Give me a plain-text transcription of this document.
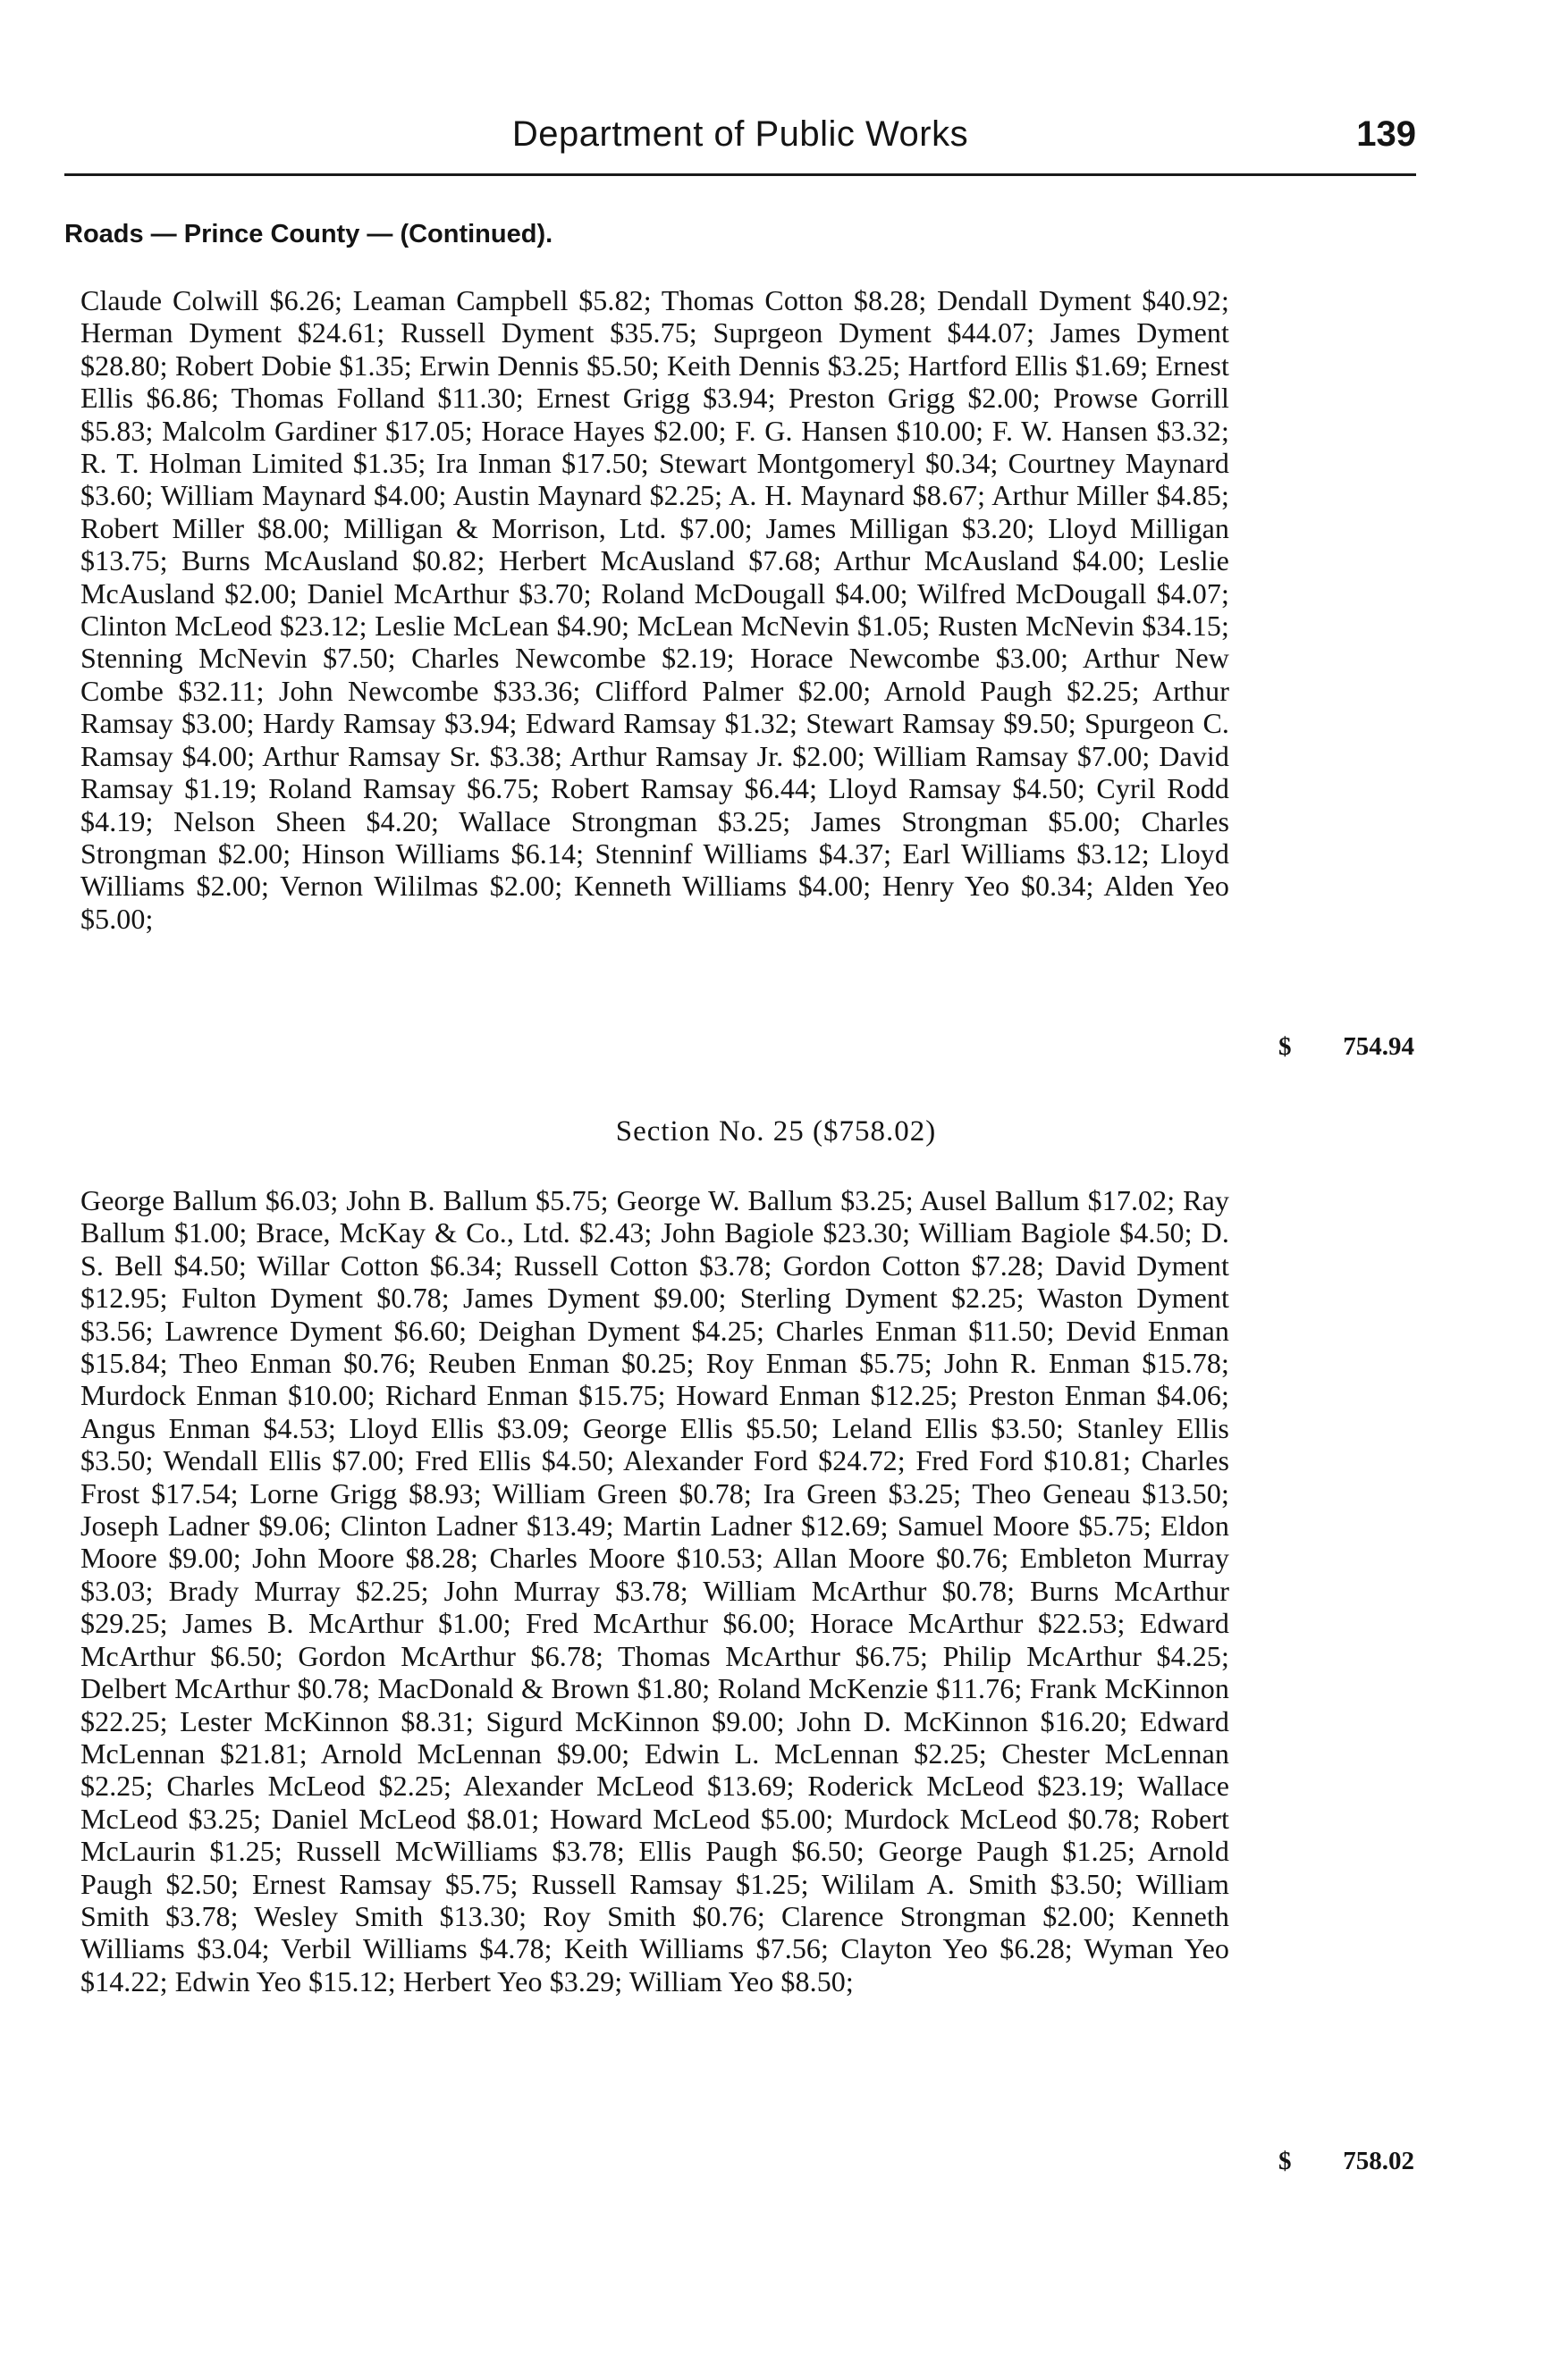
Department of Public Works	139
Roads — Prince County — (Continued).

Claude Colwill $6.26; Leaman Campbell $5.82; Thomas Cotton $8.28; Dendall Dyment $40.92; Herman Dyment $24.61; Russell Dyment $35.75; Suprgeon Dyment $44.07; James Dyment $28.80; Robert Dobie $1.35; Erwin Dennis $5.50; Keith Dennis $3.25; Hartford Ellis $1.69; Ernest Ellis $6.86; Thomas Folland $11.30; Ernest Grigg $3.94; Preston Grigg $2.00; Prowse Gorrill $5.83; Malcolm Gardiner $17.05; Horace Hayes $2.00; F. G. Hansen $10.00; F. W. Hansen $3.32; R. T. Holman Limited $1.35; Ira Inman $17.50; Stewart Montgomeryl $0.34; Courtney Maynard $3.60; William Maynard $4.00; Austin Maynard $2.25; A. H. Maynard $8.67; Arthur Miller $4.85; Robert Miller $8.00; Milligan & Morrison, Ltd. $7.00; James Milligan $3.20; Lloyd Milligan $13.75; Burns McAusland $0.82; Herbert McAusland $7.68; Arthur McAusland $4.00; Leslie McAusland $2.00; Daniel McArthur $3.70; Roland McDougall $4.00; Wilfred McDougall $4.07; Clinton McLeod $23.12; Leslie McLean $4.90; McLean McNevin $1.05; Rusten McNevin $34.15; Stenning McNevin $7.50; Charles Newcombe $2.19; Horace Newcombe $3.00; Arthur New Combe $32.11; John Newcombe $33.36; Clifford Palmer $2.00; Arnold Paugh $2.25; Arthur Ramsay $3.00; Hardy Ramsay $3.94; Edward Ramsay $1.32; Stewart Ramsay $9.50; Spurgeon C. Ramsay $4.00; Arthur Ramsay Sr. $3.38; Arthur Ramsay Jr. $2.00; William Ramsay $7.00; David Ramsay $1.19; Roland Ramsay $6.75; Robert Ramsay $6.44; Lloyd Ramsay $4.50; Cyril Rodd $4.19; Nelson Sheen $4.20; Wallace Strongman $3.25; James Strongman $5.00; Charles Strongman $2.00; Hinson Williams $6.14; Stenninf Williams $4.37; Earl Williams $3.12; Lloyd Williams $2.00; Vernon Wililmas $2.00; Kenneth Williams $4.00; Henry Yeo $0.34; Alden Yeo $5.00;

$ 754.94
Section No. 25 ($758.02)

George Ballum $6.03; John B. Ballum $5.75; George W. Ballum $3.25; Ausel Ballum $17.02; Ray Ballum $1.00; Brace, McKay & Co., Ltd. $2.43; John Bagiole $23.30; William Bagiole $4.50; D. S. Bell $4.50; Willar Cotton $6.34; Russell Cotton $3.78; Gordon Cotton $7.28; David Dyment $12.95; Fulton Dyment $0.78; James Dyment $9.00; Sterling Dyment $2.25; Waston Dyment $3.56; Lawrence Dyment $6.60; Deighan Dyment $4.25; Charles Enman $11.50; Devid Enman $15.84; Theo Enman $0.76; Reuben Enman $0.25; Roy Enman $5.75; John R. Enman $15.78; Murdock Enman $10.00; Richard Enman $15.75; Howard Enman $12.25; Preston Enman $4.06; Angus Enman $4.53; Lloyd Ellis $3.09; George Ellis $5.50; Leland Ellis $3.50; Stanley Ellis $3.50; Wendall Ellis $7.00; Fred Ellis $4.50; Alexander Ford $24.72; Fred Ford $10.81; Charles Frost $17.54; Lorne Grigg $8.93; William Green $0.78; Ira Green $3.25; Theo Geneau $13.50; Joseph Ladner $9.06; Clinton Ladner $13.49; Martin Ladner $12.69; Samuel Moore $5.75; Eldon Moore $9.00; John Moore $8.28; Charles Moore $10.53; Allan Moore $0.76; Embleton Murray $3.03; Brady Murray $2.25; John Murray $3.78; William McArthur $0.78; Burns McArthur $29.25; James B. McArthur $1.00; Fred McArthur $6.00; Horace McArthur $22.53; Edward McArthur $6.50; Gordon McArthur $6.78; Thomas McArthur $6.75; Philip McArthur $4.25; Delbert McArthur $0.78; MacDonald & Brown $1.80; Roland McKenzie $11.76; Frank McKinnon $22.25; Lester McKinnon $8.31; Sigurd McKinnon $9.00; John D. McKinnon $16.20; Edward McLennan $21.81; Arnold McLennan $9.00; Edwin L. McLennan $2.25; Chester McLennan $2.25; Charles McLeod $2.25; Alexander McLeod $13.69; Roderick McLeod $23.19; Wallace McLeod $3.25; Daniel McLeod $8.01; Howard McLeod $5.00; Murdock McLeod $0.78; Robert McLaurin $1.25; Russell McWilliams $3.78; Ellis Paugh $6.50; George Paugh $1.25; Arnold Paugh $2.50; Ernest Ramsay $5.75; Russell Ramsay $1.25; Wililam A. Smith $3.50; William Smith $3.78; Wesley Smith $13.30; Roy Smith $0.76; Clarence Strongman $2.00; Kenneth Williams $3.04; Verbil Williams $4.78; Keith Williams $7.56; Clayton Yeo $6.28; Wyman Yeo $14.22; Edwin Yeo $15.12; Herbert Yeo $3.29; William Yeo $8.50;

$ 758.02
